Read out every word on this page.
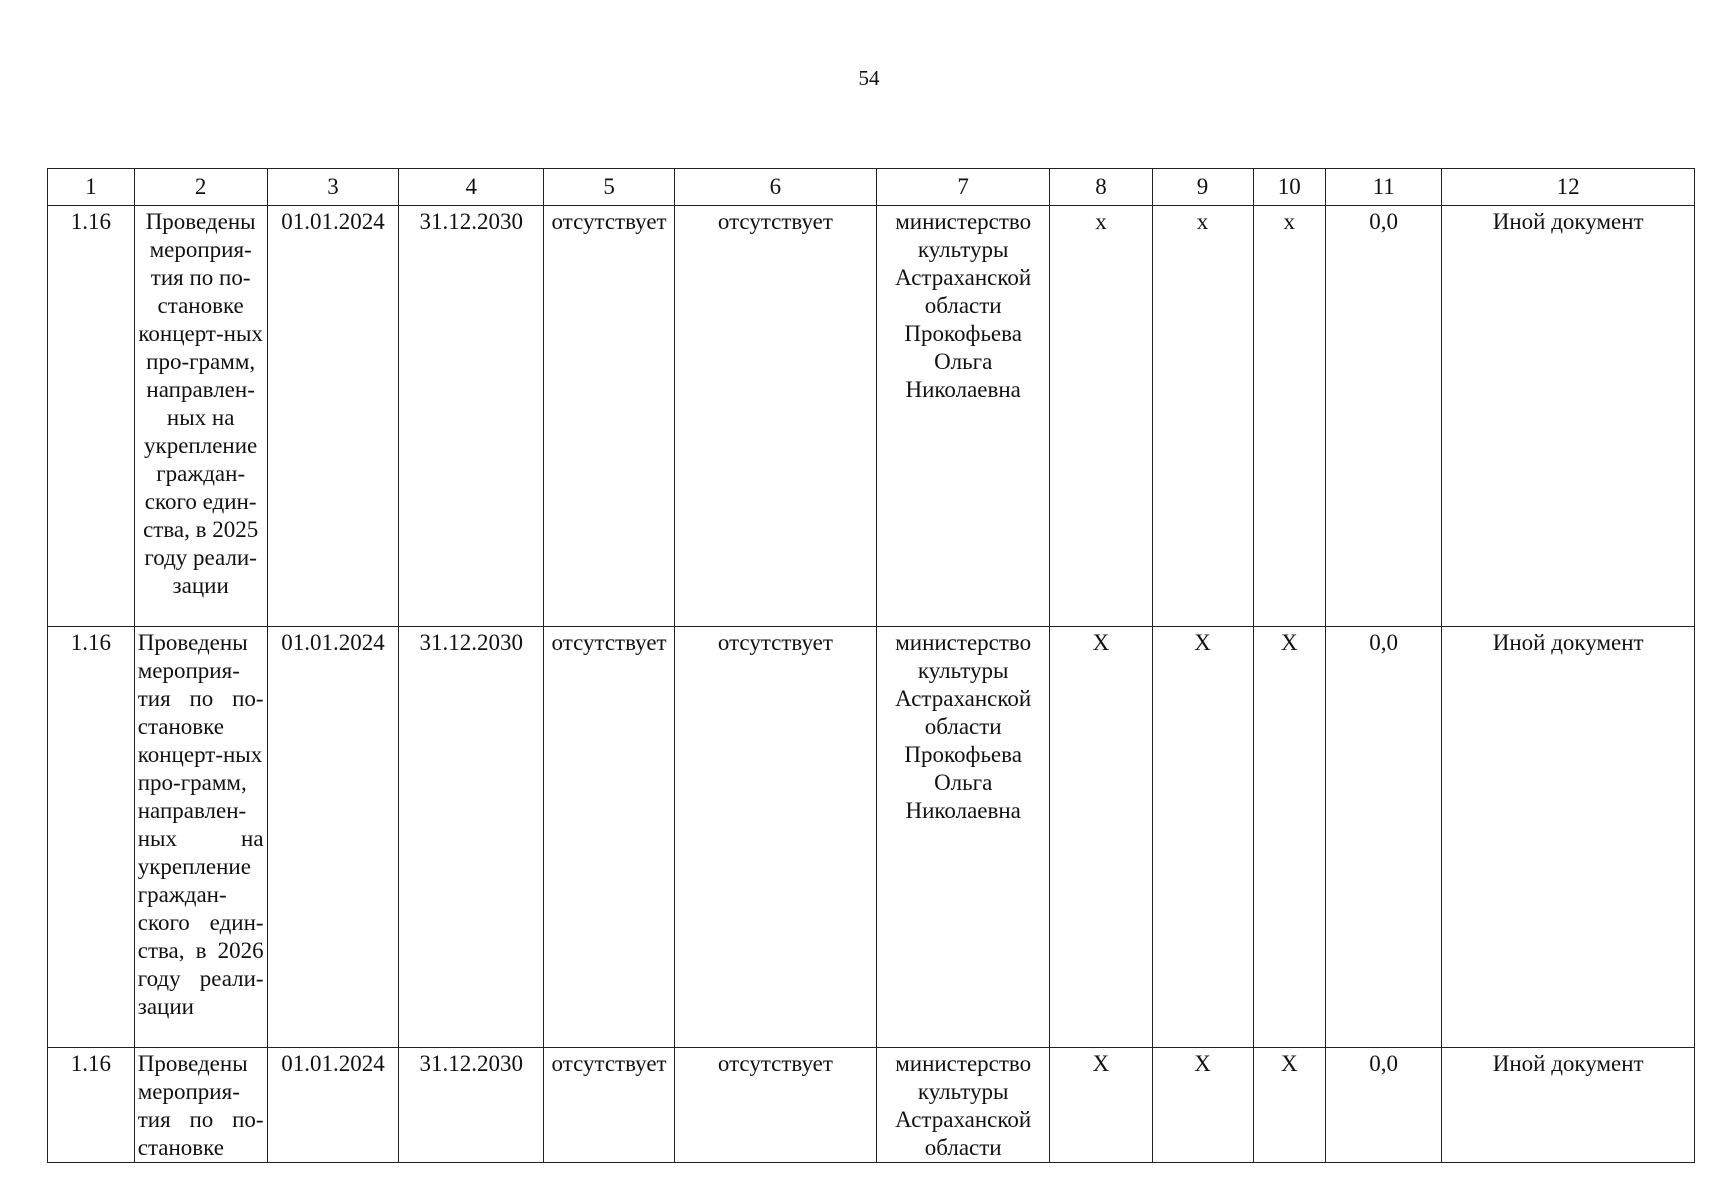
54
1	2	3	4	5	6	7	8	9	10	11	12
1.16	Проведены мероприя-тия по по-становке концерт-ных про-грамм, направлен-ных на укрепление граждан-ского един-ства, в 2025 году реали-зации	01.01.2024	31.12.2030	отсутствует	отсутствует	министерство культуры Астраханской области Прокофьева Ольга Николаевна	х	х	х	0,0	Иной документ
1.16	Проведены мероприя-тия по по-становке концерт-ных про-грамм, направлен-ных на укрепление граждан-ского един-ства, в 2026 году реали-зации	01.01.2024	31.12.2030	отсутствует	отсутствует	министерство культуры Астраханской области Прокофьева Ольга Николаевна	Х	Х	Х	0,0	Иной документ
1.16	Проведены мероприя-тия по по-становке	01.01.2024	31.12.2030	отсутствует	отсутствует	министерство культуры Астраханской области	Х	Х	Х	0,0	Иной документ
